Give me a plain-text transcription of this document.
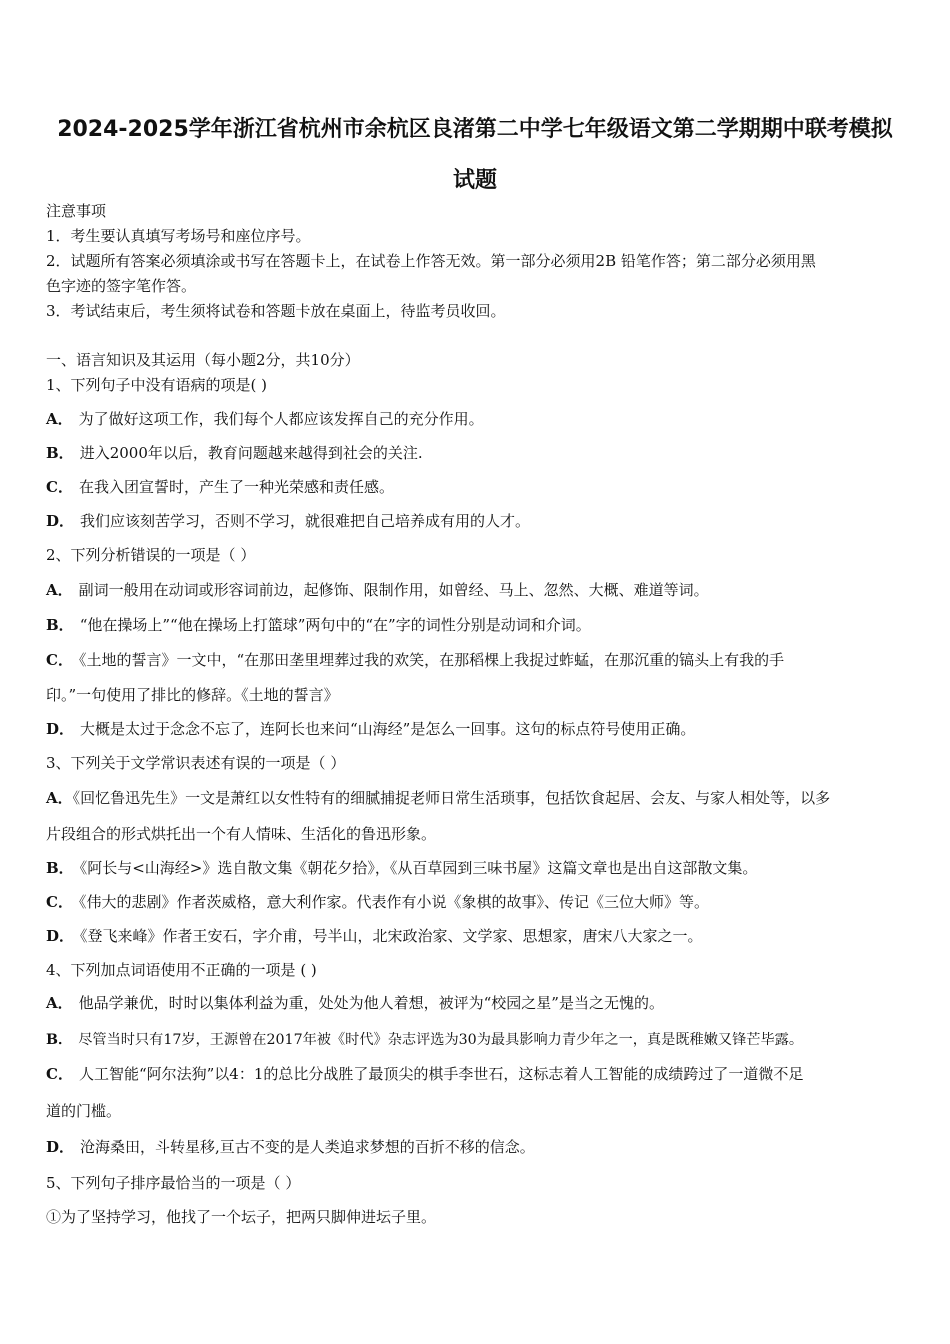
2024-2025学年浙江省杭州市余杭区良渚第二中学七年级语文第二学期期中联考模拟
试题
注意事项
1．考生要认真填写考场号和座位序号。
2．试题所有答案必须填涂或书写在答题卡上，在试卷上作答无效。第一部分必须用2B 铅笔作答；第二部分必须用黑
色字迹的签字笔作答。
3．考试结束后，考生须将试卷和答题卡放在桌面上，待监考员收回。
一、语言知识及其运用（每小题2分，共10分）
1、下列句子中没有语病的项是( )
A． 为了做好这项工作，我们每个人都应该发挥自己的充分作用。
B． 进入2000年以后，教育问题越来越得到社会的关注.
C． 在我入团宣誓时，产生了一种光荣感和责任感。
D． 我们应该刻苦学习，否则不学习，就很难把自己培养成有用的人才。
2、下列分析错误的一项是（ ）
A． 副词一般用在动词或形容词前边，起修饰、限制作用，如曾经、马上、忽然、大概、难道等词。
B． “他在操场上”“他在操场上打篮球”两句中的“在”字的词性分别是动词和介词。
C． 《土地的誓言》一文中，“在那田垄里埋葬过我的欢笑，在那稻棵上我捉过蚱蜢，在那沉重的镐头上有我的手
印。”一句使用了排比的修辞。《土地的誓言》
D． 大概是太过于念念不忘了，连阿长也来问“山海经”是怎么一回事。这句的标点符号使用正确。
3、下列关于文学常识表述有误的一项是（ ）
A．《回忆鲁迅先生》一文是萧红以女性特有的细腻捕捉老师日常生活琐事，包括饮食起居、会友、与家人相处等，以多
片段组合的形式烘托出一个有人情味、生活化的鲁迅形象。
B． 《阿长与<山海经>》选自散文集《朝花夕拾》，《从百草园到三味书屋》这篇文章也是出自这部散文集。
C． 《伟大的悲剧》作者茨威格，意大利作家。代表作有小说《象棋的故事》、传记《三位大师》等。
D． 《登飞来峰》作者王安石，字介甫，号半山，北宋政治家、文学家、思想家，唐宋八大家之一。
4、下列加点词语使用不正确的一项是 ( )
A． 他品学兼优，时时以集体利益为重，处处为他人着想，被评为“校园之星”是当之无愧的。
B． 尽管当时只有17岁，王源曾在2017年被《时代》杂志评选为30为最具影响力青少年之一，真是既稚嫩又锋芒毕露。
C． 人工智能“阿尔法狗”以4：1的总比分战胜了最顶尖的棋手李世石，这标志着人工智能的成绩跨过了一道微不足
道的门槛。
D． 沧海桑田，斗转星移,亘古不变的是人类追求梦想的百折不移的信念。
5、下列句子排序最恰当的一项是（ ）
①为了坚持学习，他找了一个坛子，把两只脚伸进坛子里。
